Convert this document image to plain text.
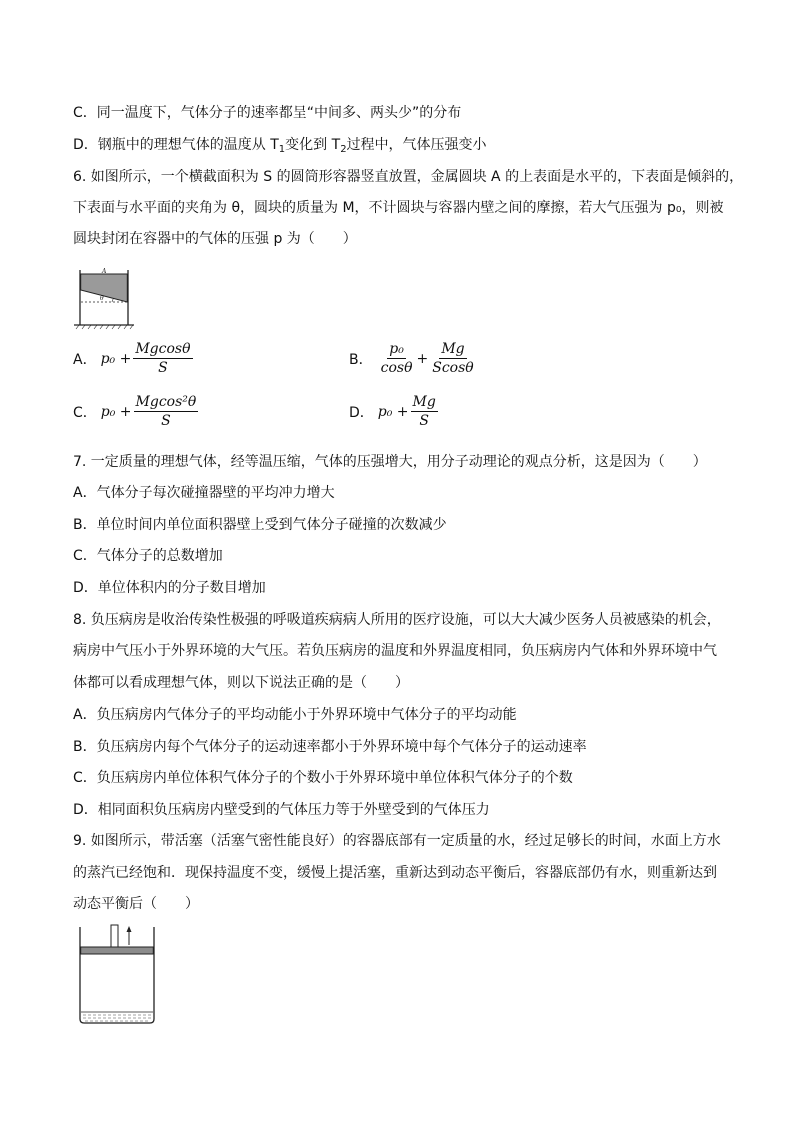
C．同一温度下，气体分子的速率都呈“中间多、两头少”的分布
D．钢瓶中的理想气体的温度从 $T_1$变化到 $T_2$过程中，气体压强变小
6. 如图所示，一个横截面积为 S 的圆筒形容器竖直放置，金属圆块 A 的上表面是水平的，下表面是倾斜的，
下表面与水平面的夹角为 θ，圆块的质量为 M，不计圆块与容器内壁之间的摩擦，若大气压强为 p₀，则被
圆块封闭在容器中的气体的压强 p 为（　　）
A
θ
A． $p_0 + \frac{Mgcos\theta}{S}$	B． $\frac{\text{p₀}}{\cos\theta} + \frac{Mg}{Scos\theta}$
C． $p_0 + \frac{\text{Mgcos²θ}}{S}$	D． $p_0 + \frac{Mg}{S}$
7. 一定质量的理想气体，经等温压缩，气体的压强增大，用分子动理论的观点分析，这是因为（　　）
A．气体分子每次碰撞器壁的平均冲力增大
B．单位时间内单位面积器壁上受到气体分子碰撞的次数减少
C．气体分子的总数增加
D．单位体积内的分子数目增加
8. 负压病房是收治传染性极强的呼吸道疾病病人所用的医疗设施，可以大大减少医务人员被感染的机会，
病房中气压小于外界环境的大气压。若负压病房的温度和外界温度相同，负压病房内气体和外界环境中气
体都可以看成理想气体，则以下说法正确的是（　　）
A．负压病房内气体分子的平均动能小于外界环境中气体分子的平均动能
B．负压病房内每个气体分子的运动速率都小于外界环境中每个气体分子的运动速率
C．负压病房内单位体积气体分子的个数小于外界环境中单位体积气体分子的个数
D．相同面积负压病房内壁受到的气体压力等于外壁受到的气体压力
9. 如图所示，带活塞（活塞气密性能良好）的容器底部有一定质量的水，经过足够长的时间，水面上方水
的蒸汽已经饱和．现保持温度不变，缓慢上提活塞，重新达到动态平衡后，容器底部仍有水，则重新达到
动态平衡后（　　）
